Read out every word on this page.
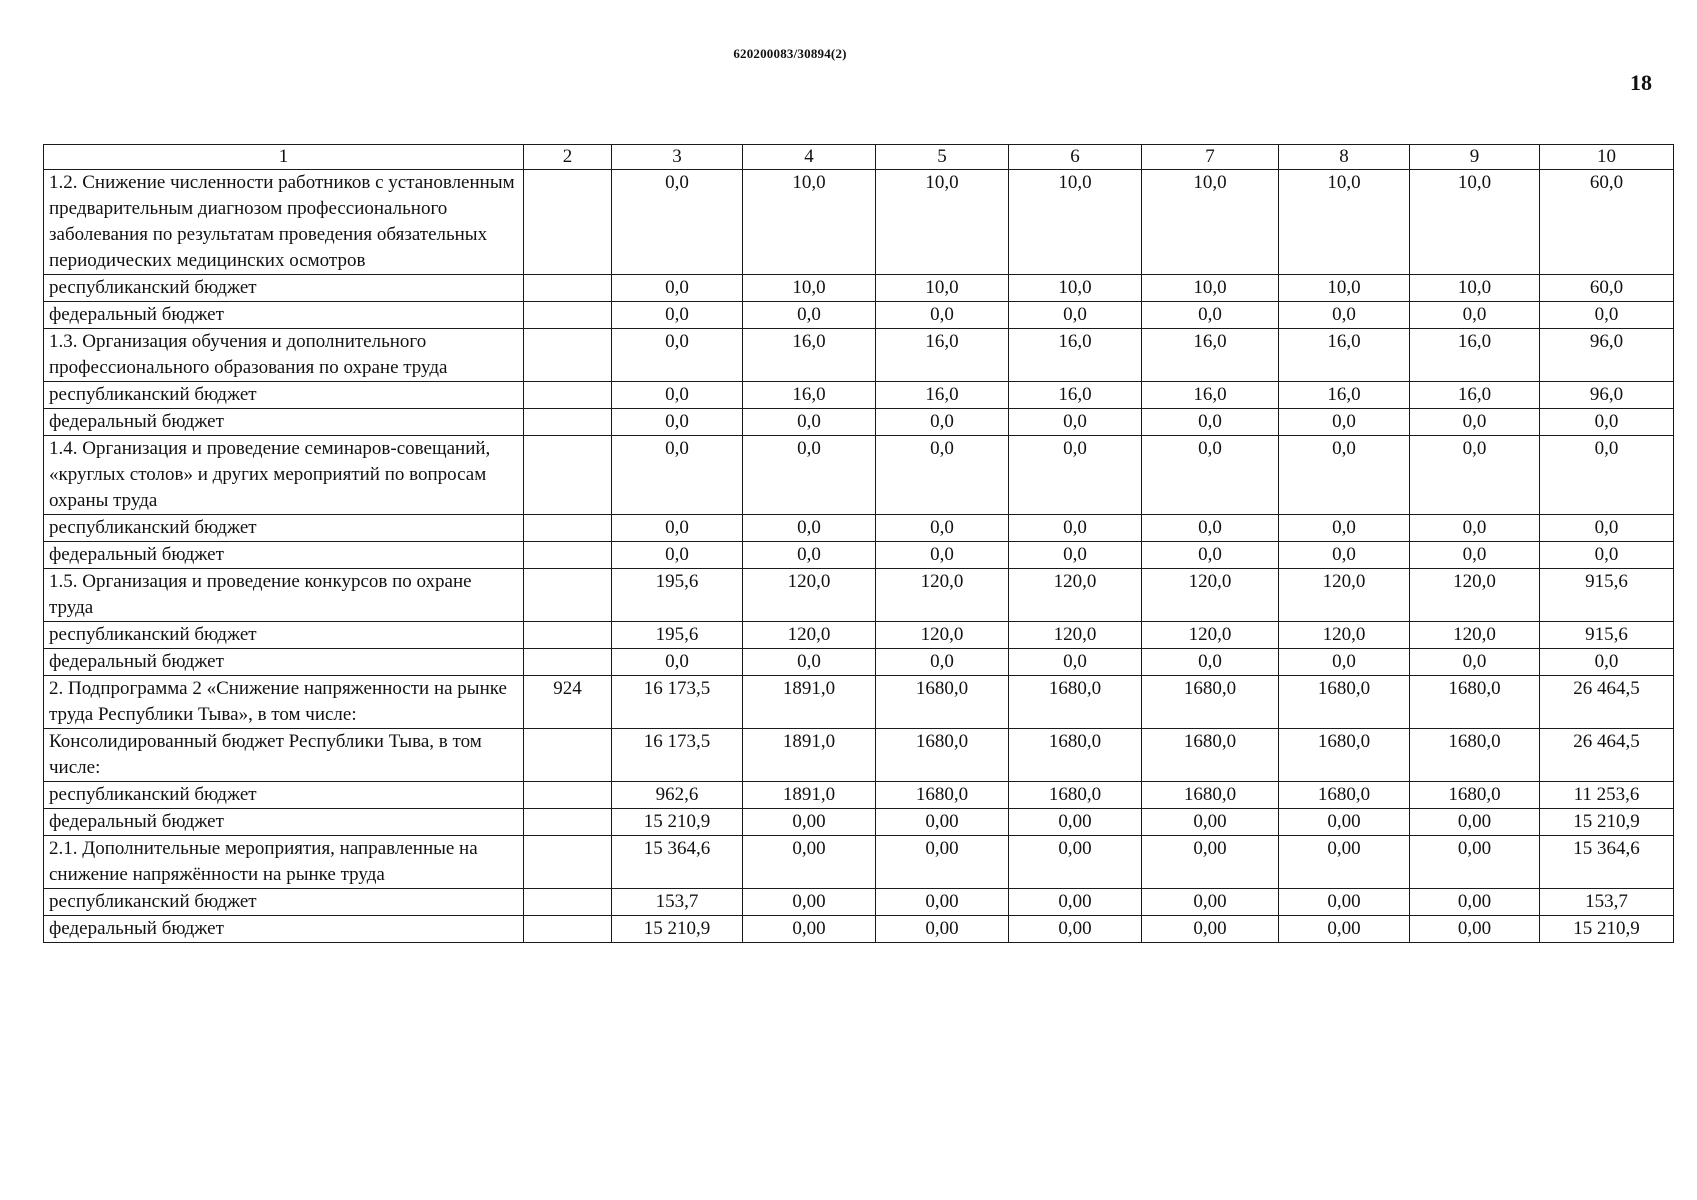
620200083/30894(2)
18
1	2	3	4	5	6	7	8	9	10
1.2. Снижение численности работников с установленным предварительным диагнозом профессионального заболевания по результатам проведения обязательных периодических медицинских осмотров		0,0	10,0	10,0	10,0	10,0	10,0	10,0	60,0
республиканский бюджет		0,0	10,0	10,0	10,0	10,0	10,0	10,0	60,0
федеральный бюджет		0,0	0,0	0,0	0,0	0,0	0,0	0,0	0,0
1.3. Организация обучения и дополнительного профессионального образования по охране труда		0,0	16,0	16,0	16,0	16,0	16,0	16,0	96,0
республиканский бюджет		0,0	16,0	16,0	16,0	16,0	16,0	16,0	96,0
федеральный бюджет		0,0	0,0	0,0	0,0	0,0	0,0	0,0	0,0
1.4. Организация и проведение семинаров-совещаний, «круглых столов» и других мероприятий по вопросам охраны труда		0,0	0,0	0,0	0,0	0,0	0,0	0,0	0,0
республиканский бюджет		0,0	0,0	0,0	0,0	0,0	0,0	0,0	0,0
федеральный бюджет		0,0	0,0	0,0	0,0	0,0	0,0	0,0	0,0
1.5. Организация и проведение конкурсов по охране труда		195,6	120,0	120,0	120,0	120,0	120,0	120,0	915,6
республиканский бюджет		195,6	120,0	120,0	120,0	120,0	120,0	120,0	915,6
федеральный бюджет		0,0	0,0	0,0	0,0	0,0	0,0	0,0	0,0
2. Подпрограмма 2 «Снижение напряженности на рынке труда Республики Тыва», в том числе:	924	16 173,5	1891,0	1680,0	1680,0	1680,0	1680,0	1680,0	26 464,5
Консолидированный бюджет Республики Тыва, в том числе:		16 173,5	1891,0	1680,0	1680,0	1680,0	1680,0	1680,0	26 464,5
республиканский бюджет		962,6	1891,0	1680,0	1680,0	1680,0	1680,0	1680,0	11 253,6
федеральный бюджет		15 210,9	0,00	0,00	0,00	0,00	0,00	0,00	15 210,9
2.1. Дополнительные мероприятия, направленные на снижение напряжённости на рынке труда		15 364,6	0,00	0,00	0,00	0,00	0,00	0,00	15 364,6
республиканский бюджет		153,7	0,00	0,00	0,00	0,00	0,00	0,00	153,7
федеральный бюджет		15 210,9	0,00	0,00	0,00	0,00	0,00	0,00	15 210,9
